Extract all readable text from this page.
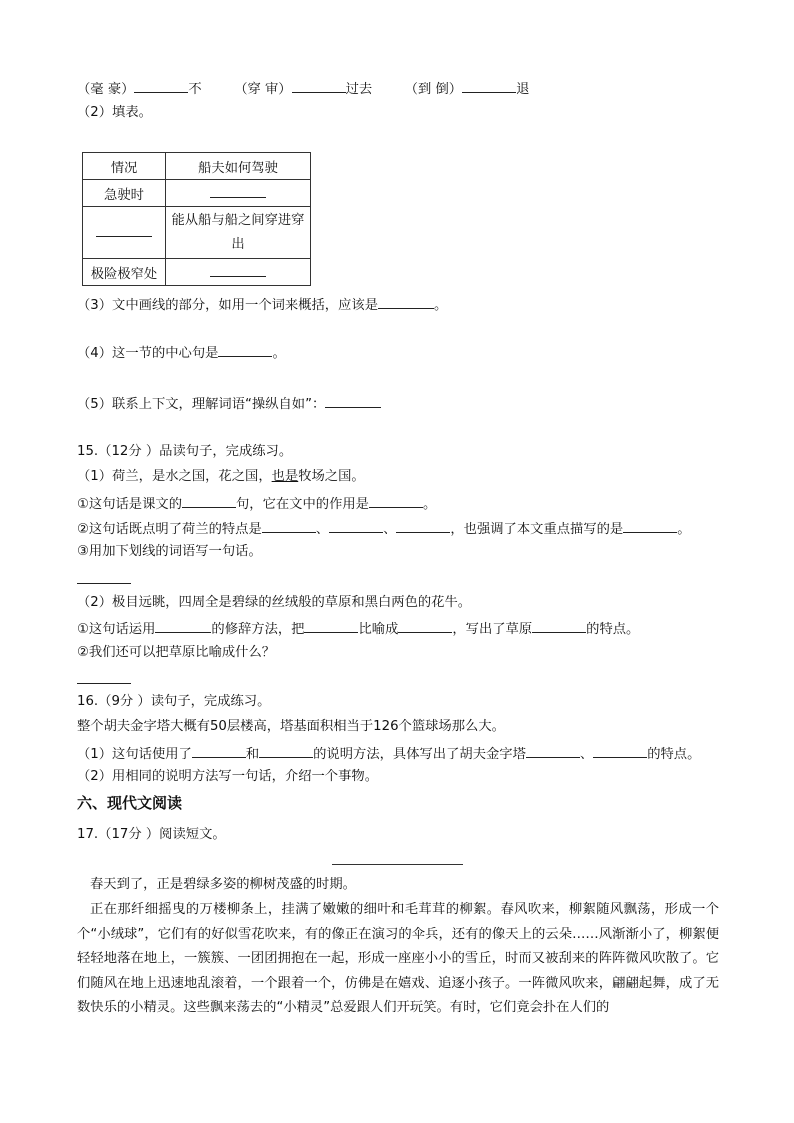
（毫 豪）	不 （穿 审）	过去 （到 倒）	退
（2）填表。
情况	船夫如何驾驶
急驶时	
	能从船与船之间穿进穿
出
极险极窄处	
（3）文中画线的部分，如用一个词来概括，应该是	。
（4）这一节的中心句是	。
（5）联系上下文，理解词语“操纵自如”：
15.（12分 ）品读句子，完成练习。
（1）荷兰，是水之国，花之国，也是牧场之国。
①这句话是课文的	句，它在文中的作用是	。
②这句话既点明了荷兰的特点是	、	、	，也强调了本文重点描写的是	。
③用加下划线的词语写一句话。
（2）极目远眺，四周全是碧绿的丝绒般的草原和黑白两色的花牛。
①这句话运用	的修辞方法，把	比喻成	，写出了草原	的特点。
②我们还可以把草原比喻成什么？
16.（9分 ）读句子，完成练习。
整个胡夫金字塔大概有50层楼高，塔基面积相当于126个篮球场那么大。
（1）这句话使用了	和	的说明方法，具体写出了胡夫金字塔	、	的特点。
（2）用相同的说明方法写一句话，介绍一个事物。
六、现代文阅读
17.（17分 ）阅读短文。
春天到了，正是碧绿多姿的柳树茂盛的时期。
正在那纤细摇曳的万楼柳条上，挂满了嫩嫩的细叶和毛茸茸的柳絮。春风吹来，柳絮随风飘荡，形成一个个“小绒球”，它们有的好似雪花吹来，有的像正在演习的伞兵，还有的像天上的云朵……风渐渐小了，柳絮便轻轻地落在地上，一簇簇、一团团拥抱在一起，形成一座座小小的雪丘，时而又被刮来的阵阵微风吹散了。它们随风在地上迅速地乱滚着，一个跟着一个，仿佛是在嬉戏、追逐小孩子。一阵微风吹来，翩翩起舞，成了无数快乐的小精灵。这些飘来荡去的“小精灵”总爱跟人们开玩笑。有时，它们竟会扑在人们的
